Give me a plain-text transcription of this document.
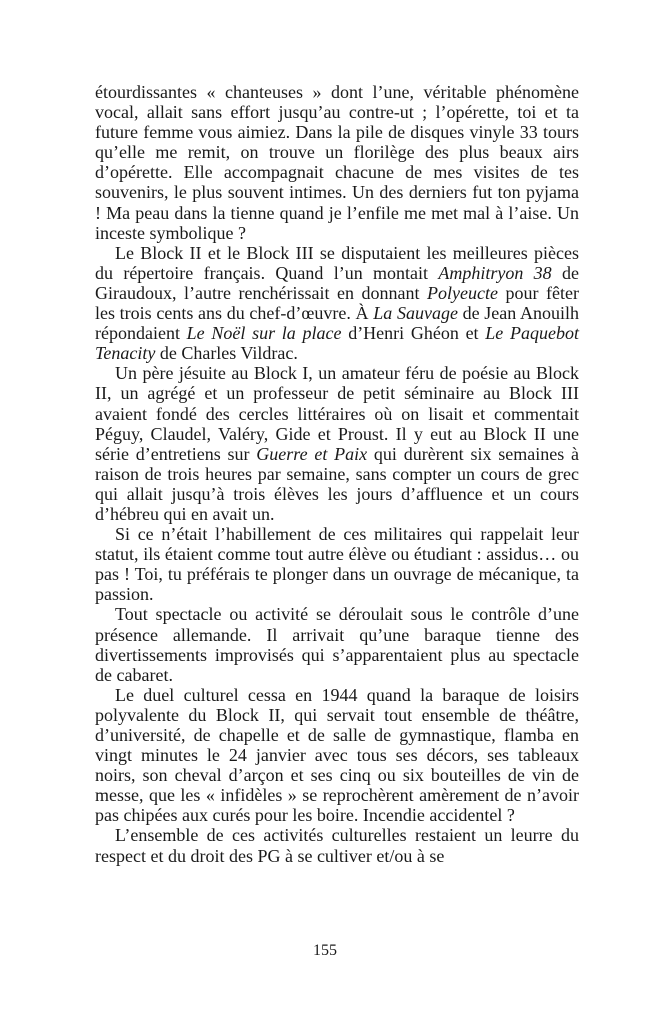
étourdissantes « chanteuses » dont l’une, véritable phénomène vocal, allait sans effort jusqu’au contre-ut ; l’opérette, toi et ta future femme vous aimiez. Dans la pile de disques vinyle 33 tours qu’elle me remit, on trouve un florilège des plus beaux airs d’opérette. Elle accompagnait chacune de mes visites de tes souvenirs, le plus souvent intimes. Un des derniers fut ton pyjama ! Ma peau dans la tienne quand je l’enfile me met mal à l’aise. Un inceste symbolique ?

Le Block II et le Block III se disputaient les meilleures pièces du répertoire français. Quand l’un montait Amphitryon 38 de Giraudoux, l’autre renchérissait en donnant Polyeucte pour fêter les trois cents ans du chef-d’œuvre. À La Sauvage de Jean Anouilh répondaient Le Noël sur la place d’Henri Ghéon et Le Paquebot Tenacity de Charles Vildrac.

Un père jésuite au Block I, un amateur féru de poésie au Block II, un agrégé et un professeur de petit séminaire au Block III avaient fondé des cercles littéraires où on lisait et commentait Péguy, Claudel, Valéry, Gide et Proust. Il y eut au Block II une série d’entretiens sur Guerre et Paix qui durèrent six semaines à raison de trois heures par semaine, sans compter un cours de grec qui allait jusqu’à trois élèves les jours d’affluence et un cours d’hébreu qui en avait un.

Si ce n’était l’habillement de ces militaires qui rappelait leur statut, ils étaient comme tout autre élève ou étudiant : assidus… ou pas ! Toi, tu préférais te plonger dans un ouvrage de mécanique, ta passion.

Tout spectacle ou activité se déroulait sous le contrôle d’une présence allemande. Il arrivait qu’une baraque tienne des divertissements improvisés qui s’apparentaient plus au spectacle de cabaret.

Le duel culturel cessa en 1944 quand la baraque de loisirs polyvalente du Block II, qui servait tout ensemble de théâtre, d’université, de chapelle et de salle de gymnastique, flamba en vingt minutes le 24 janvier avec tous ses décors, ses tableaux noirs, son cheval d’arçon et ses cinq ou six bouteilles de vin de messe, que les « infidèles » se reprochèrent amèrement de n’avoir pas chipées aux curés pour les boire. Incendie accidentel ?

L’ensemble de ces activités culturelles restaient un leurre du respect et du droit des PG à se cultiver et/ou à se

155
